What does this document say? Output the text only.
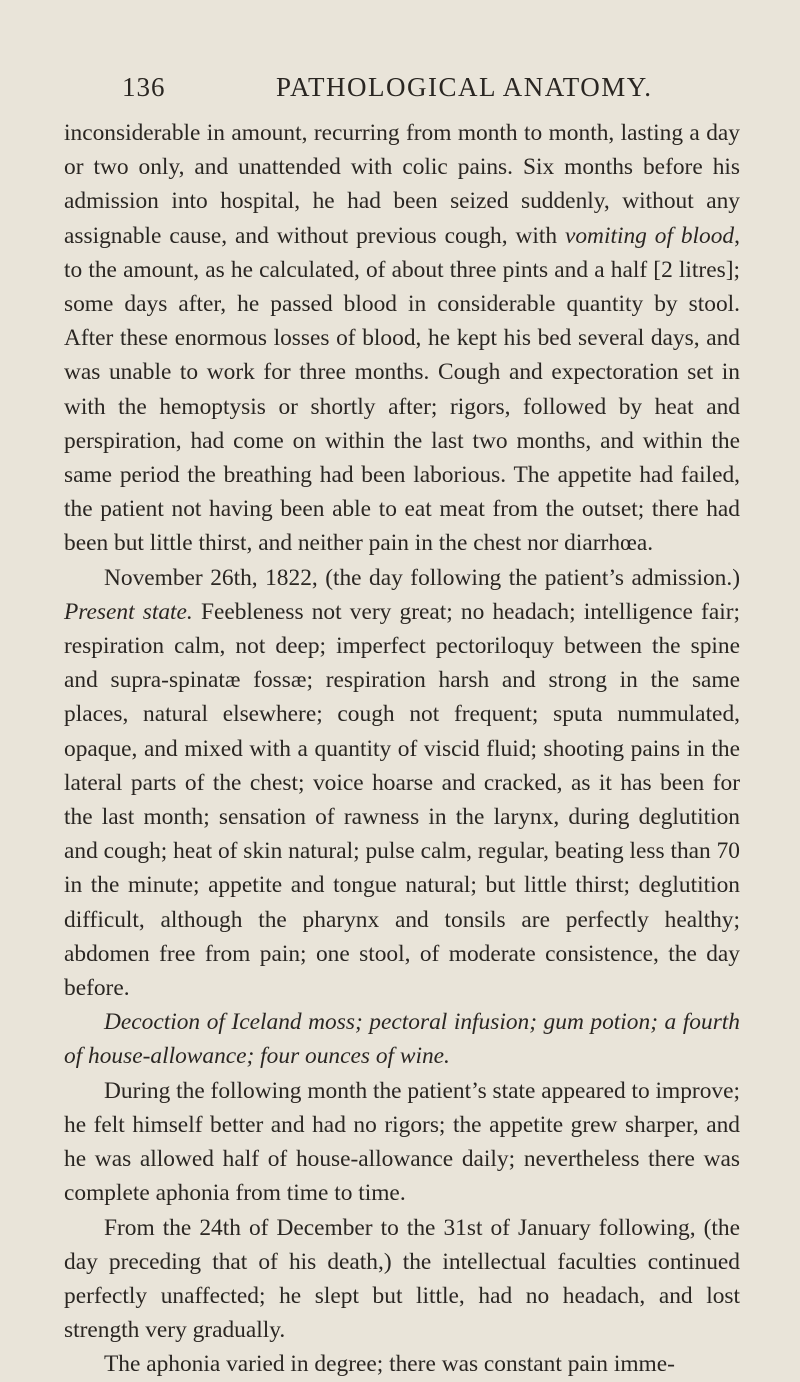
136	PATHOLOGICAL ANATOMY.

inconsiderable in amount, recurring from month to month, lasting a day or two only, and unattended with colic pains. Six months before his admission into hospital, he had been seized suddenly, without any assignable cause, and without previous cough, with vomiting of blood, to the amount, as he calculated, of about three pints and a half [2 litres]; some days after, he passed blood in considerable quantity by stool. After these enormous losses of blood, he kept his bed several days, and was unable to work for three months. Cough and expectoration set in with the hemoptysis or shortly after; rigors, followed by heat and perspiration, had come on within the last two months, and within the same period the breathing had been laborious. The appetite had failed, the patient not having been able to eat meat from the outset; there had been but little thirst, and neither pain in the chest nor diarrhœa.

November 26th, 1822, (the day following the patient’s admission.) Present state. Feebleness not very great; no headach; intelligence fair; respiration calm, not deep; imperfect pectoriloquy between the spine and supra-spinatæ fossæ; respiration harsh and strong in the same places, natural elsewhere; cough not frequent; sputa nummulated, opaque, and mixed with a quantity of viscid fluid; shooting pains in the lateral parts of the chest; voice hoarse and cracked, as it has been for the last month; sensation of rawness in the larynx, during deglutition and cough; heat of skin natural; pulse calm, regular, beating less than 70 in the minute; appetite and tongue natural; but little thirst; deglutition difficult, although the pharynx and tonsils are perfectly healthy; abdomen free from pain; one stool, of moderate consistence, the day before.

Decoction of Iceland moss; pectoral infusion; gum potion; a fourth of house-allowance; four ounces of wine.

During the following month the patient’s state appeared to improve; he felt himself better and had no rigors; the appetite grew sharper, and he was allowed half of house-allowance daily; nevertheless there was complete aphonia from time to time.

From the 24th of December to the 31st of January following, (the day preceding that of his death,) the intellectual faculties continued perfectly unaffected; he slept but little, had no headach, and lost strength very gradually.

The aphonia varied in degree; there was constant pain imme-
